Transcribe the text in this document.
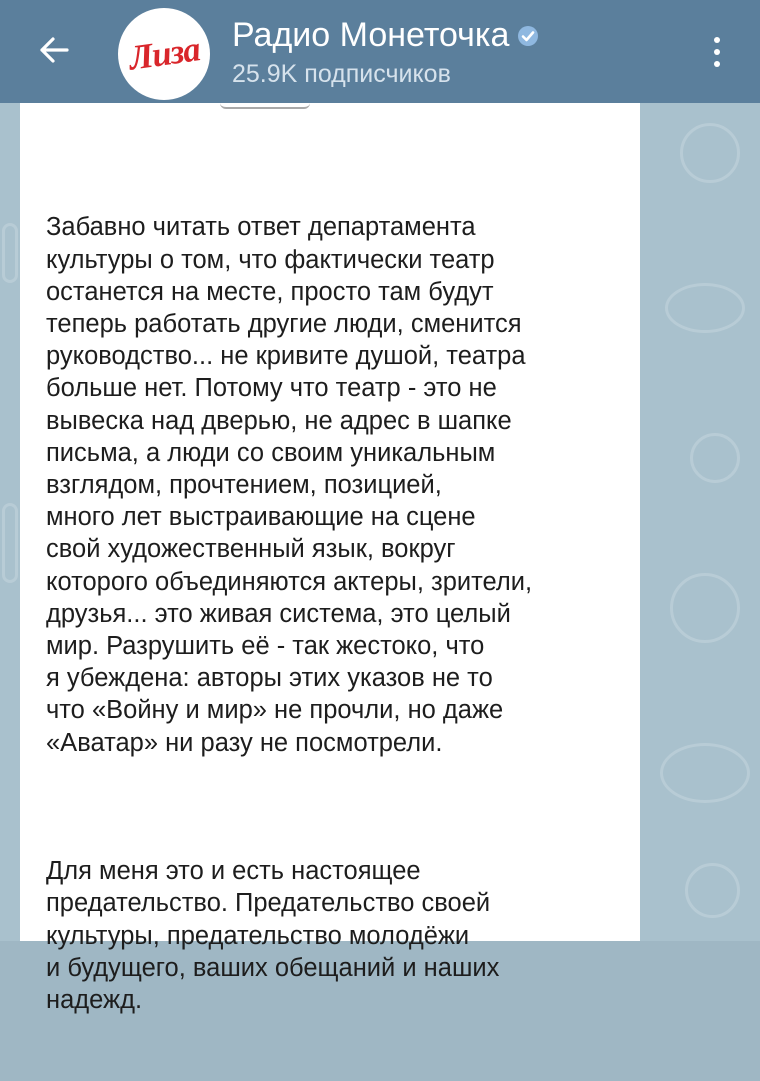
Лиза Радио Монеточка
25.9K подписчиков

Забавно читать ответ департамента
культуры о том, что фактически театр
останется на месте, просто там будут
теперь работать другие люди, сменится
руководство... не кривите душой, театра
больше нет. Потому что театр - это не
вывеска над дверью, не адрес в шапке
письма, а люди со своим уникальным
взглядом, прочтением, позицией,
много лет выстраивающие на сцене
свой художественный язык, вокруг
которого объединяются актеры, зрители,
друзья... это живая система, это целый
мир. Разрушить её - так жестоко, что
я убеждена: авторы этих указов не то
что «Войну и мир» не прочли, но даже
«Аватар» ни разу не посмотрели.

Для меня это и есть настоящее
предательство. Предательство своей
культуры, предательство молодёжи
и будущего, ваших обещаний и наших
надежд.
